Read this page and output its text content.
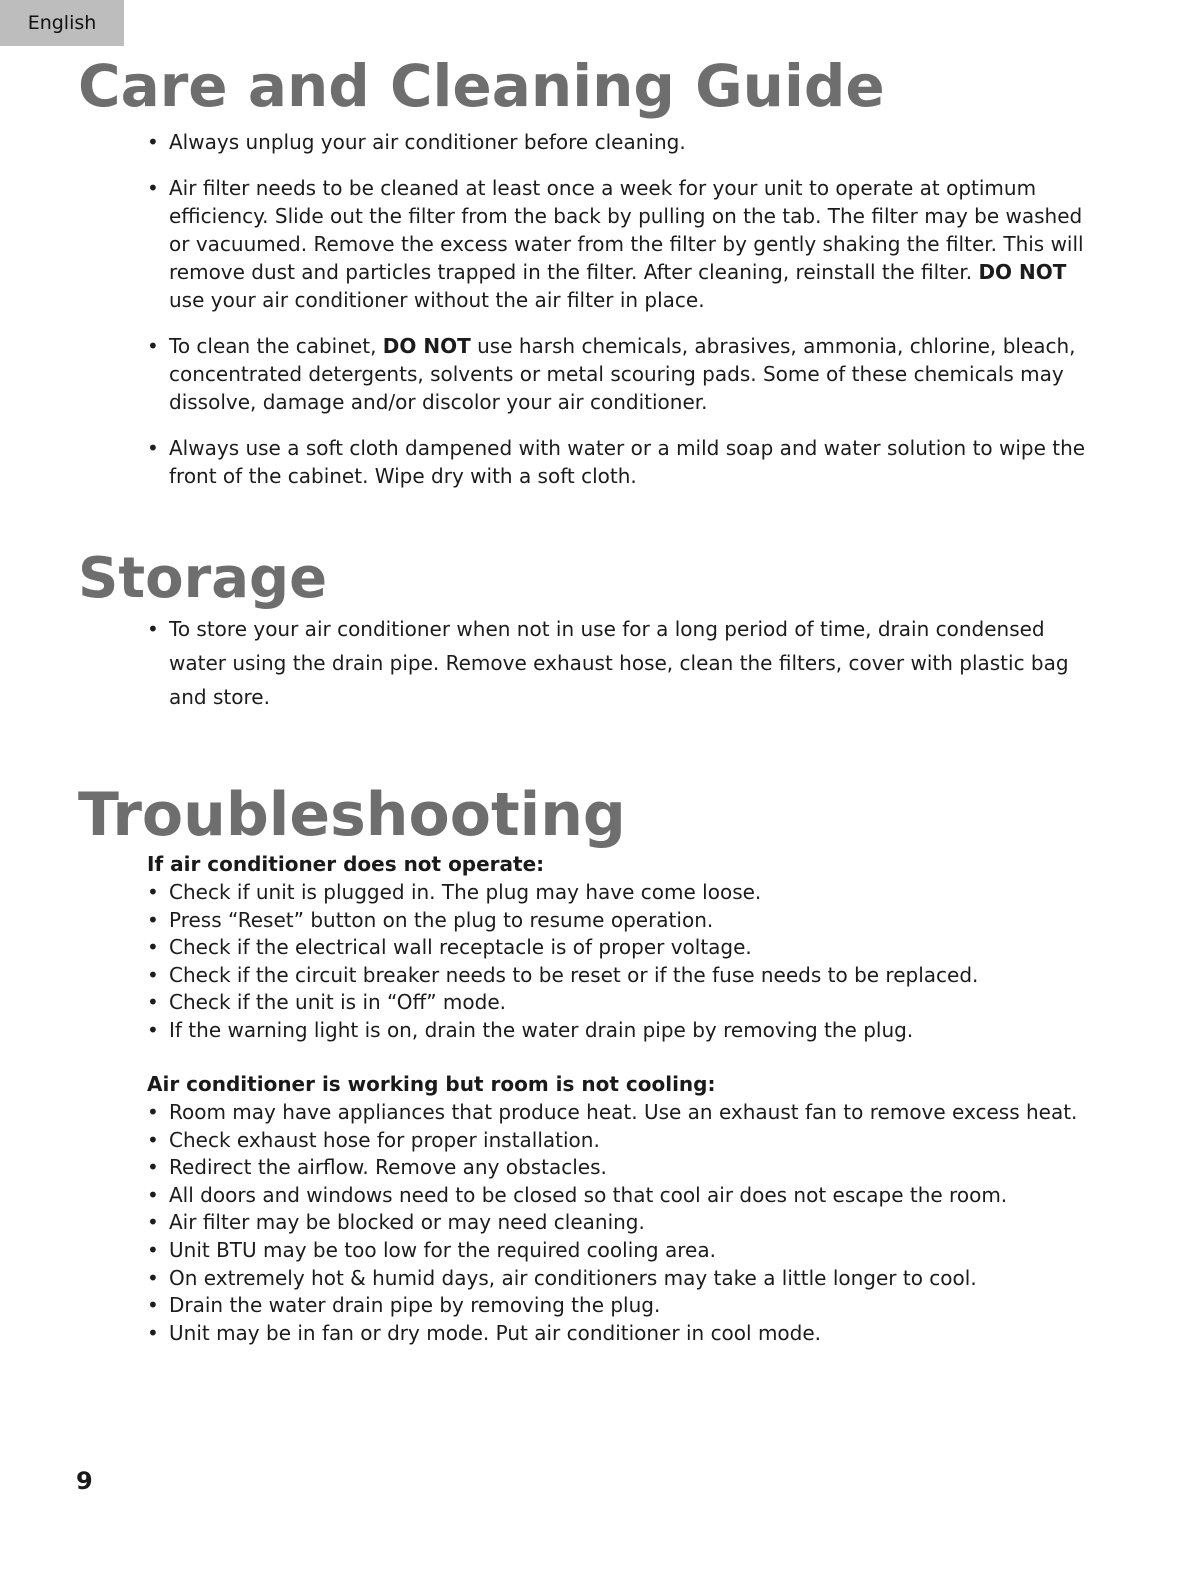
English
Care and Cleaning Guide
• Always unplug your air conditioner before cleaning.
• Air filter needs to be cleaned at least once a week for your unit to operate at optimum efficiency. Slide out the filter from the back by pulling on the tab. The filter may be washed or vacuumed. Remove the excess water from the filter by gently shaking the filter. This will remove dust and particles trapped in the filter. After cleaning, reinstall the filter. DO NOT use your air conditioner without the air filter in place.
• To clean the cabinet, DO NOT use harsh chemicals, abrasives, ammonia, chlorine, bleach, concentrated detergents, solvents or metal scouring pads. Some of these chemicals may dissolve, damage and/or discolor your air conditioner.
• Always use a soft cloth dampened with water or a mild soap and water solution to wipe the front of the cabinet. Wipe dry with a soft cloth.
Storage
• To store your air conditioner when not in use for a long period of time, drain condensed water using the drain pipe. Remove exhaust hose, clean the filters, cover with plastic bag and store.
Troubleshooting
If air conditioner does not operate:
• Check if unit is plugged in. The plug may have come loose.
• Press “Reset” button on the plug to resume operation.
• Check if the electrical wall receptacle is of proper voltage.
• Check if the circuit breaker needs to be reset or if the fuse needs to be replaced.
• Check if the unit is in “Off” mode.
• If the warning light is on, drain the water drain pipe by removing the plug.
Air conditioner is working but room is not cooling:
• Room may have appliances that produce heat. Use an exhaust fan to remove excess heat.
• Check exhaust hose for proper installation.
• Redirect the airflow. Remove any obstacles.
• All doors and windows need to be closed so that cool air does not escape the room.
• Air filter may be blocked or may need cleaning.
• Unit BTU may be too low for the required cooling area.
• On extremely hot & humid days, air conditioners may take a little longer to cool.
• Drain the water drain pipe by removing the plug.
• Unit may be in fan or dry mode. Put air conditioner in cool mode.
9
